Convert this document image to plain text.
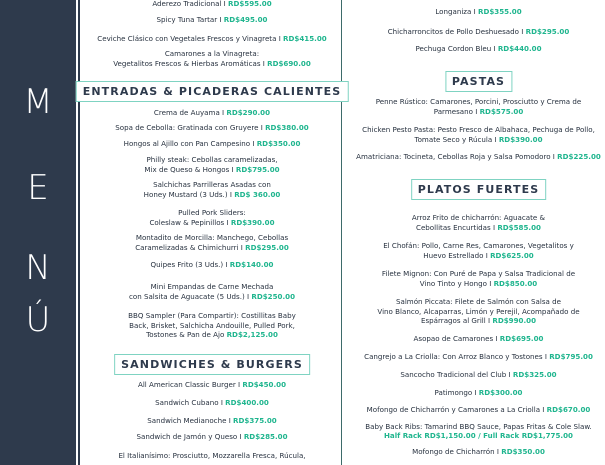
M
E
N
Ú
Aderezo Tradicional I RD$595.00
Spicy Tuna Tartar I RD$495.00
Ceviche Clásico con Vegetales Frescos y Vinagreta I RD$415.00
Camarones a la Vinagreta:
Vegetalitos Frescos & Hierbas Aromáticas I RD$690.00
ENTRADAS & PICADERAS CALIENTES
Crema de Auyama I RD$290.00
Sopa de Cebolla: Gratinada con Gruyere I RD$380.00
Hongos al Ajillo con Pan Campesino I RD$350.00
Philly steak: Cebollas caramelizadas,
Mix de Queso & Hongos I RD$795.00
Salchichas Parrilleras Asadas con
Honey Mustard (3 Uds.) I RD$ 360.00
Pulled Pork Sliders:
Coleslaw & Pepinillos I RD$390.00
Montadito de Morcilla: Manchego, Cebollas
Caramelizadas & Chimichurri I RD$295.00
Quipes Frito (3 Uds.) I RD$140.00
Mini Empandas de Carne Mechada
con Salsita de Aguacate (5 Uds.) I RD$250.00
BBQ Sampler (Para Compartir): Costillitas Baby
Back, Brisket, Salchicha Andouille, Pulled Pork,
Tostones & Pan de Ajo RD$2,125.00
SANDWICHES & BURGERS
All American Classic Burger I RD$450.00
Sandwich Cubano I RD$400.00
Sandwich Medianoche I RD$375.00
Sandwich de Jamón y Queso I RD$285.00
El Italianísimo: Prosciutto, Mozzarella Fresca, Rúcula,
Longaniza I RD$355.00
Chicharroncitos de Pollo Deshuesado I RD$295.00
Pechuga Cordon Bleu I RD$440.00
PASTAS
Penne Rústico: Camarones, Porcini, Prosciutto y Crema de
Parmesano I RD$575.00
Chicken Pesto Pasta: Pesto Fresco de Albahaca, Pechuga de Pollo,
Tomate Seco y Rúcula I RD$390.00
Amatriciana: Tocineta, Cebollas Roja y Salsa Pomodoro I RD$225.00
PLATOS FUERTES
Arroz Frito de chicharrón: Aguacate &
Cebollitas Encurtidas I RD$585.00
El Chofán: Pollo, Carne Res, Camarones, Vegetalitos y
Huevo Estrellado I RD$625.00
Filete Mignon: Con Puré de Papa y Salsa Tradicional de
Vino Tinto y Hongo I RD$850.00
Salmón Piccata: Filete de Salmón con Salsa de
Vino Blanco, Alcaparras, Limón y Perejil, Acompañado de
Espárragos al Grill I RD$990.00
Asopao de Camarones I RD$695.00
Cangrejo a La Criolla: Con Arroz Blanco y Tostones I RD$795.00
Sancocho Tradicional del Club I RD$325.00
Patimongo I RD$300.00
Mofongo de Chicharrón y Camarones a La Criolla I RD$670.00
Baby Back Ribs: Tamarind BBQ Sauce, Papas Fritas & Cole Slaw.
Half Rack RD$1,150.00 / Full Rack RD$1,775.00
Mofongo de Chicharrón I RD$350.00
